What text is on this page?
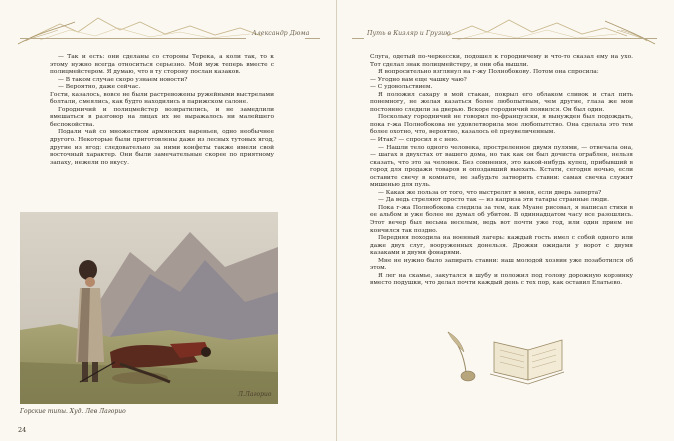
Александр Дюма

— Так и есть: они сделаны со стороны Терека, а коли так, то к этому нужно всегда относиться серьезно. Мой муж теперь вместе с полицмейстером. Я думаю, что в ту сторону послан казаков.

— В таком случае скоро узнаем новости?

— Вероятно, даже сейчас.

Гости, казалось, вовсе не были растревожены ружейными выстрелами болтали, смеялись, как будто находились в парижском салоне.

Городничий и полицмейстер возвратились, и не замедлили вмешаться в разговор на лицах их не выражалось ни малейшего беспокойства.

Подали чай со множеством армянских вареньев, одно необычнее другого. Некоторые были приготовлены даже из лесных тутовых ягод, другие из ягод: следовательно за ними конфеты также имели свой восточный характер. Они были замечательные скорее по приятному запаху, нежели по вкусу.

Л.Лагорио
Горские типы. Худ. Лев Лагорио
24
Путь в Кизляр и Грузию

Слуга, одетый по-черкесски, подошел к городничему и что-то сказал ему на ухо. Тот сделал знак полицмейстеру, и они оба вышли.

Я вопросительно взглянул на г-жу Полнобокову. Потом она спросила:

— Угодно вам еще чашку чаю?

— С удовольствием.

Я положил сахару в мой стакан, покрыл его облаком сливок и стал пить понемногу, не желая казаться более любопытным, чем другие, глаза же мои постоянно следили за дверью. Вскоре городничий появился. Он был один.

Поскольку городничий не говорил по-французски, я вынужден был подождать, пока г-жа Полнобокова не удовлетворила мое любопытство. Она сделала это тем более охотно, что, вероятно, казалось её преувеличенным.

— Итак? — спросил я с нею.

— Нашли тело одного человека, простреленное двумя пулями, — отвечала она, — шагах в двухстах от вашего дома, но так как он был дочиста ограблен, нельзя сказать, что это за человек. Без сомнения, это какой-нибудь купец, прибывший в город для продажи товаров и опоздавший выехать. Кстати, сегодня ночью, если оставите свечу в комнате, не забудьте затворить ставни: самая свечка служит мишенью для пуль.

— Какая же польза от того, что выстрелят в меня, если дверь заперта?

— Да ведь стреляют просто так — из каприза эти татары странные люди.

Пока г-жа Полнобокова следила за тем, как Муане рисовал, я написал стихи в ее альбом и уже более не думал об убитом. В одиннадцатом часу все разошлись. Этот вечер был весьма веселым, ведь вот почти уже год, или один прием не кончился так поздно.

Передняя походила на военный лагерь: каждый гость имел с собой одного или даже двух слуг, вооруженных донельзя. Дрожки ожидали у ворот с двумя казаками и двумя фонарями.

Мне не нужно было запирать ставни: наш молодой хозяин уже позаботился об этом.

Я лег на скамье, закутался в шубу и положил под голову дорожную корзинку вместо подушки, что делал почти каждый день с тех пор, как оставил Елатьево.
